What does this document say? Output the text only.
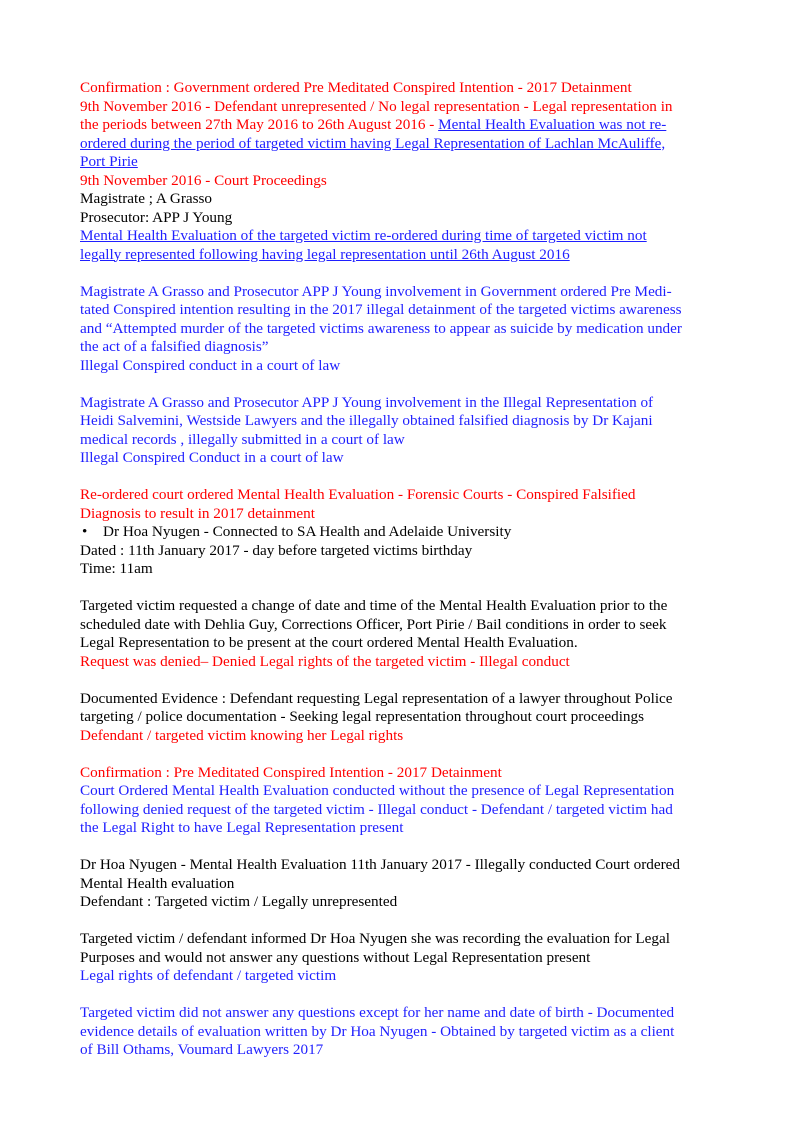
Confirmation : Government ordered Pre Meditated Conspired Intention - 2017 Detainment
9th November 2016 - Defendant unrepresented / No legal representation - Legal representation in
the periods between 27th May 2016 to 26th August 2016 - Mental Health Evaluation was not re-
ordered during the period of targeted victim having Legal Representation of Lachlan McAuliffe,
Port Pirie
9th November 2016 - Court Proceedings
Magistrate ; A Grasso
Prosecutor: APP J Young
Mental Health Evaluation of the targeted victim re-ordered during time of targeted victim not
legally represented following having legal representation until 26th August 2016
Magistrate A Grasso and Prosecutor APP J Young involvement in Government ordered Pre Medi-
tated Conspired intention resulting in the 2017 illegal detainment of the targeted victims awareness
and “Attempted murder of the targeted victims awareness to appear as suicide by medication under
the act of a falsified diagnosis”
Illegal Conspired conduct in a court of law
Magistrate A Grasso and Prosecutor APP J Young involvement in the Illegal Representation of
Heidi Salvemini, Westside Lawyers and the illegally obtained falsified diagnosis by Dr Kajani
medical records , illegally submitted in a court of law
Illegal Conspired Conduct in a court of law
Re-ordered court ordered Mental Health Evaluation - Forensic Courts - Conspired Falsified
Diagnosis to result in 2017 detainment
• Dr Hoa Nyugen - Connected to SA Health and Adelaide University
Dated : 11th January 2017 - day before targeted victims birthday
Time: 11am
Targeted victim requested a change of date and time of the Mental Health Evaluation prior to the
scheduled date with Dehlia Guy, Corrections Officer, Port Pirie / Bail conditions in order to seek
Legal Representation to be present at the court ordered Mental Health Evaluation.
Request was denied– Denied Legal rights of the targeted victim - Illegal conduct
Documented Evidence : Defendant requesting Legal representation of a lawyer throughout Police
targeting / police documentation - Seeking legal representation throughout court proceedings
Defendant / targeted victim knowing her Legal rights
Confirmation : Pre Meditated Conspired Intention - 2017 Detainment
Court Ordered Mental Health Evaluation conducted without the presence of Legal Representation
following denied request of the targeted victim - Illegal conduct - Defendant / targeted victim had
the Legal Right to have Legal Representation present
Dr Hoa Nyugen - Mental Health Evaluation 11th January 2017 - Illegally conducted Court ordered
Mental Health evaluation
Defendant : Targeted victim / Legally unrepresented
Targeted victim / defendant informed Dr Hoa Nyugen she was recording the evaluation for Legal
Purposes and would not answer any questions without Legal Representation present
Legal rights of defendant / targeted victim
Targeted victim did not answer any questions except for her name and date of birth - Documented
evidence details of evaluation written by Dr Hoa Nyugen - Obtained by targeted victim as a client
of Bill Othams, Voumard Lawyers 2017
